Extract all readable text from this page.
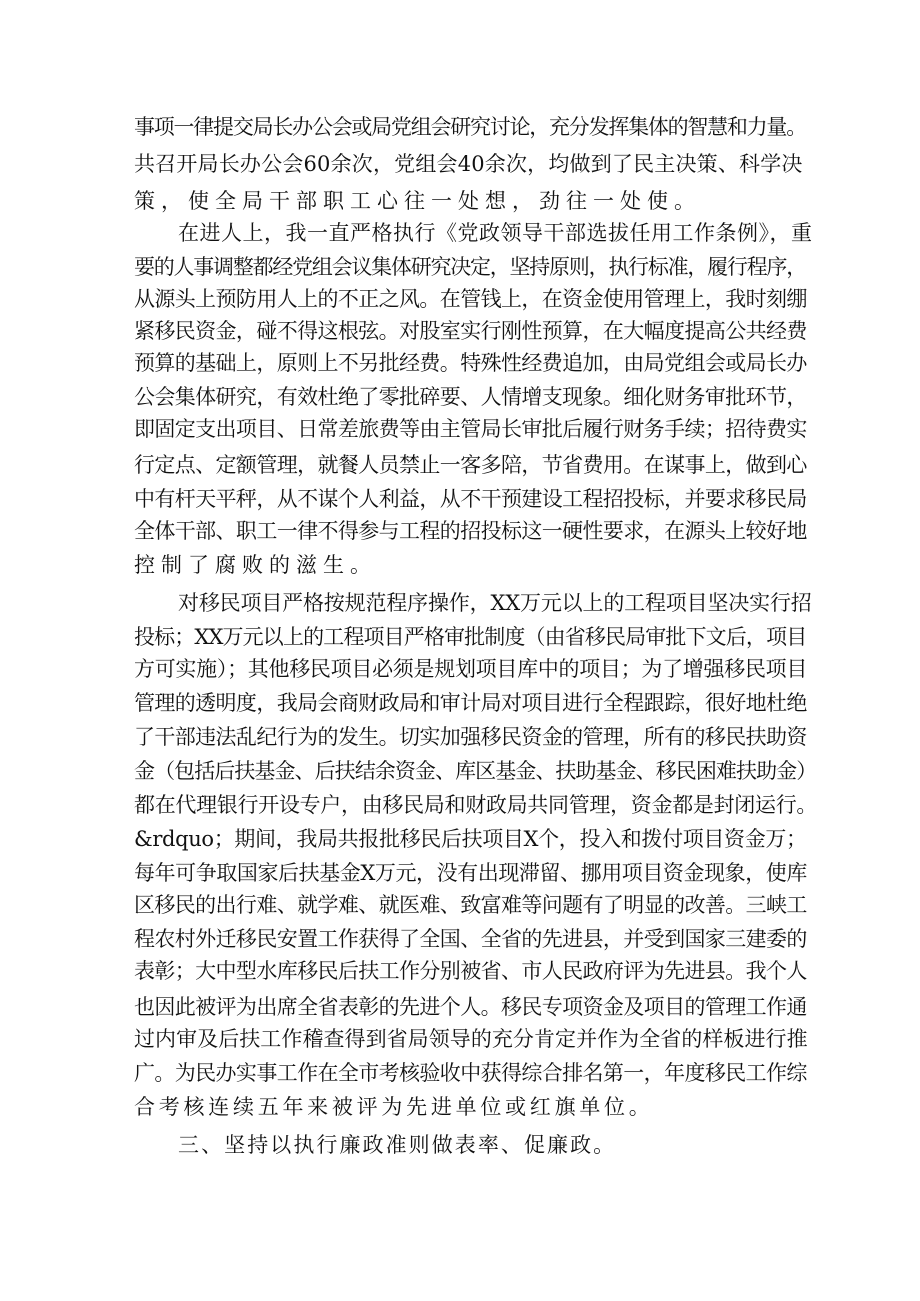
事项一律提交局长办公会或局党组会研究讨论，充分发挥集体的智慧和力量。
共召开局长办公会60余次，党组会40余次，均做到了民主决策、科学决
策，使全局干部职工心往一处想，劲往一处使。
在进人上，我一直严格执行《党政领导干部选拔任用工作条例》，重
要的人事调整都经党组会议集体研究决定，坚持原则，执行标准，履行程序，
从源头上预防用人上的不正之风。在管钱上，在资金使用管理上，我时刻绷
紧移民资金，碰不得这根弦。对股室实行刚性预算，在大幅度提高公共经费
预算的基础上，原则上不另批经费。特殊性经费追加，由局党组会或局长办
公会集体研究，有效杜绝了零批碎要、人情增支现象。细化财务审批环节，
即固定支出项目、日常差旅费等由主管局长审批后履行财务手续；招待费实
行定点、定额管理，就餐人员禁止一客多陪，节省费用。在谋事上，做到心
中有杆天平秤，从不谋个人利益，从不干预建设工程招投标，并要求移民局
全体干部、职工一律不得参与工程的招投标这一硬性要求，在源头上较好地
控制了腐败的滋生。
对移民项目严格按规范程序操作，XX万元以上的工程项目坚决实行招
投标；XX万元以上的工程项目严格审批制度（由省移民局审批下文后，项目
方可实施）；其他移民项目必须是规划项目库中的项目；为了增强移民项目
管理的透明度，我局会商财政局和审计局对项目进行全程跟踪，很好地杜绝
了干部违法乱纪行为的发生。切实加强移民资金的管理，所有的移民扶助资
金（包括后扶基金、后扶结余资金、库区基金、扶助基金、移民困难扶助金）
都在代理银行开设专户，由移民局和财政局共同管理，资金都是封闭运行。
&rdquo；期间，我局共报批移民后扶项目X个，投入和拨付项目资金万；
每年可争取国家后扶基金X万元，没有出现滞留、挪用项目资金现象，使库
区移民的出行难、就学难、就医难、致富难等问题有了明显的改善。三峡工
程农村外迁移民安置工作获得了全国、全省的先进县，并受到国家三建委的
表彰；大中型水库移民后扶工作分别被省、市人民政府评为先进县。我个人
也因此被评为出席全省表彰的先进个人。移民专项资金及项目的管理工作通
过内审及后扶工作稽查得到省局领导的充分肯定并作为全省的样板进行推
广。为民办实事工作在全市考核验收中获得综合排名第一，年度移民工作综
合考核连续五年来被评为先进单位或红旗单位。
三、坚持以执行廉政准则做表率、促廉政。
